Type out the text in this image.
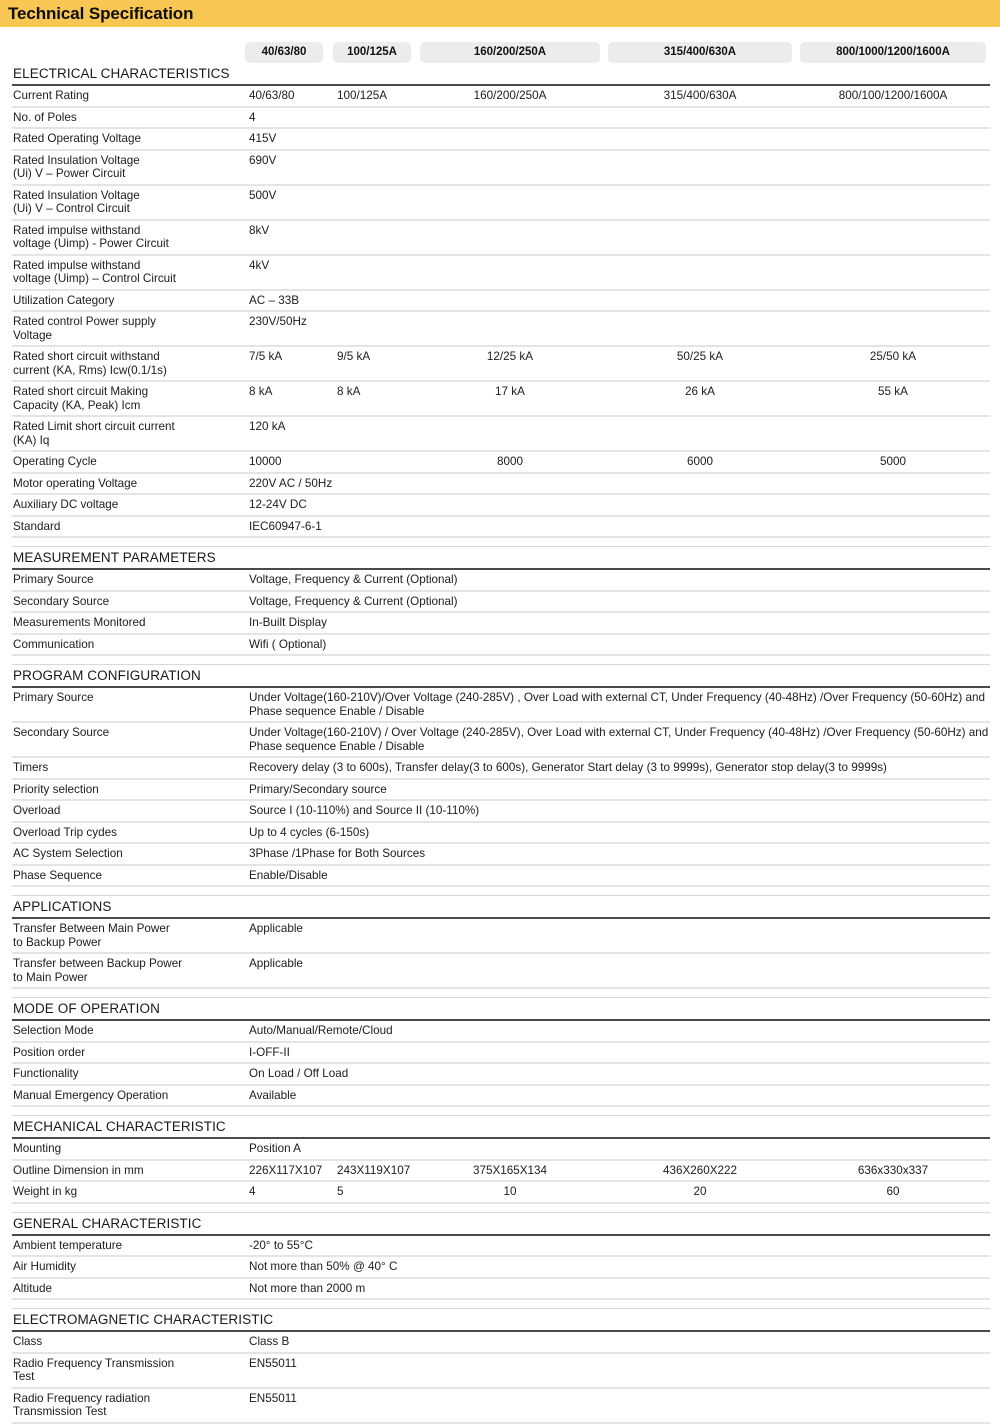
Technical Specification

	40/63/80	100/125A	160/200/250A	315/400/630A	800/1000/1200/1600A

ELECTRICAL CHARACTERISTICS					

Current Rating	40/63/80	100/125A	160/200/250A	315/400/630A	800/100/1200/1600A
No. of Poles	4				
Rated Operating Voltage	415V				
Rated Insulation Voltage
(Ui) V – Power Circuit	690V				
Rated Insulation Voltage
(Ui) V – Control Circuit	500V				
Rated impulse withstand
voltage (Uimp) - Power Circuit	8kV				
Rated impulse withstand
voltage (Uimp) – Control Circuit	4kV				
Utilization Category	AC – 33B				
Rated control Power supply
Voltage	230V/50Hz				
Rated short circuit withstand
current (KA, Rms) Icw(0.1/1s)	7/5 kA	9/5 kA	12/25 kA	50/25 kA	25/50 kA
Rated short circuit Making
Capacity (KA, Peak) Icm	8 kA	8 kA	17 kA	26 kA	55 kA
Rated Limit short circuit current
(KA) Iq	120 kA				
Operating Cycle	10000		8000	6000	5000
Motor operating Voltage	220V AC / 50Hz				
Auxiliary DC voltage	12-24V DC				
Standard	IEC60947-6-1				

MEASUREMENT PARAMETERS					

Primary Source	Voltage, Frequency & Current (Optional)				
Secondary Source	Voltage, Frequency & Current (Optional)				
Measurements Monitored	In-Built Display				
Communication	Wifi ( Optional)				

PROGRAM CONFIGURATION					

Primary Source	Under Voltage(160-210V)/Over Voltage (240-285V) , Over Load with external CT, Under Frequency (40-48Hz) /Over Frequency (50-60Hz) and Phase sequence Enable / Disable				
Secondary Source	Under Voltage(160-210V) / Over Voltage (240-285V), Over Load with external CT, Under Frequency (40-48Hz) /Over Frequency (50-60Hz) and Phase sequence Enable / Disable				
Timers	Recovery delay (3 to 600s), Transfer delay(3 to 600s), Generator Start delay (3 to 9999s), Generator stop delay(3 to 9999s)				
Priority selection	Primary/Secondary source				
Overload	Source I (10-110%) and Source II (10-110%)				
Overload Trip cydes	Up to 4 cycles (6-150s)				
AC System Selection	3Phase /1Phase for Both Sources				
Phase Sequence	Enable/Disable				

APPLICATIONS					

Transfer Between Main Power
to Backup Power	Applicable				
Transfer between Backup Power
to Main Power	Applicable				

MODE OF OPERATION					

Selection Mode	Auto/Manual/Remote/Cloud				
Position order	I-OFF-II				
Functionality	On Load / Off Load				
Manual Emergency Operation	Available				

MECHANICAL CHARACTERISTIC					

Mounting	Position A				
Outline Dimension in mm	226X117X107	243X119X107	375X165X134	436X260X222	636x330x337
Weight in kg	4	5	10	20	60

GENERAL CHARACTERISTIC					

Ambient temperature	-20° to 55°C				
Air Humidity	Not more than 50% @ 40° C				
Altitude	Not more than 2000 m				

ELECTROMAGNETIC CHARACTERISTIC					

Class	Class B				
Radio Frequency Transmission
Test	EN55011				
Radio Frequency radiation
Transmission Test	EN55011				
